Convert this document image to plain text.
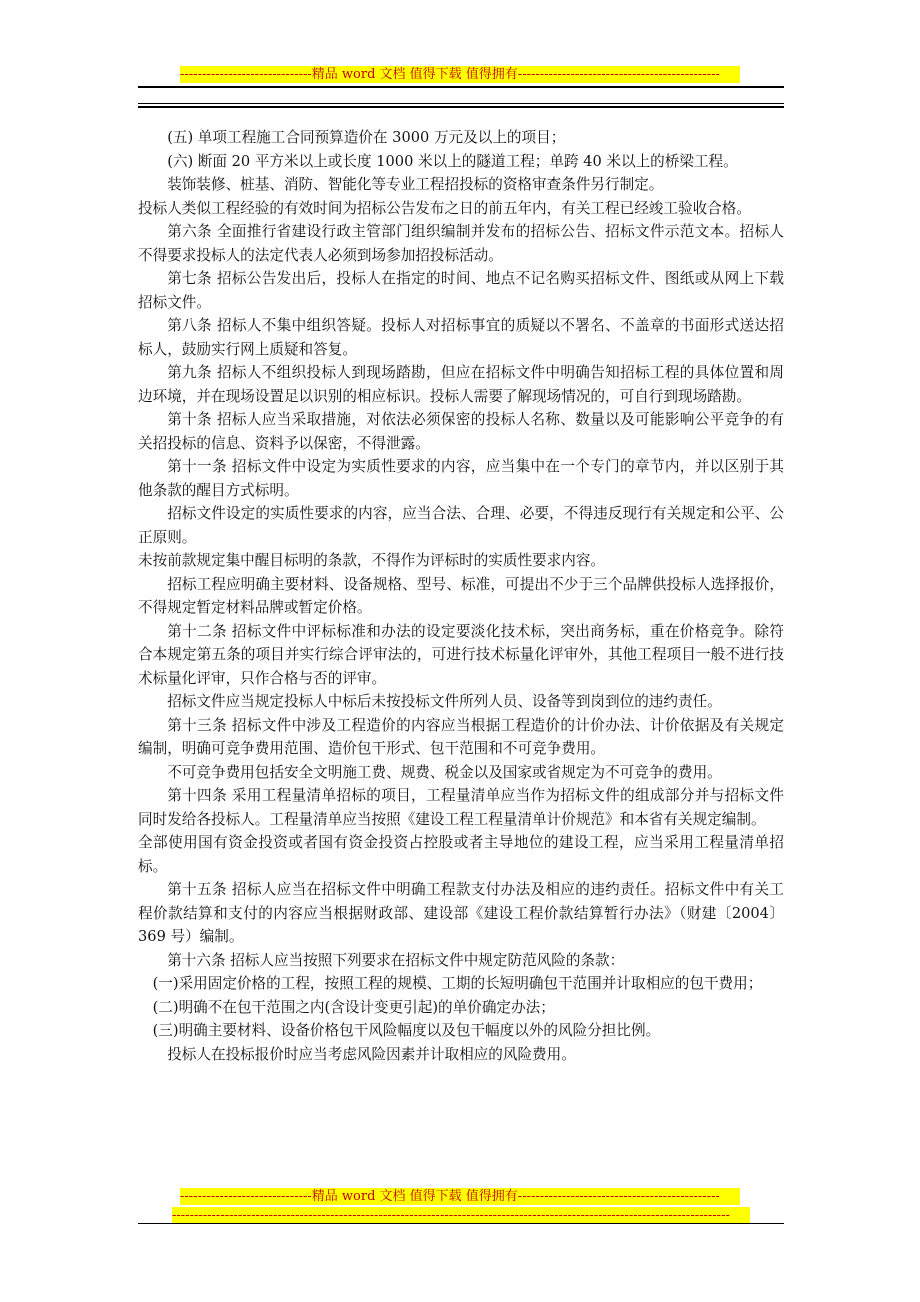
------------------------------精品 word 文档 值得下载 值得拥有----------------------------------------------

(五) 单项工程施工合同预算造价在 3000 万元及以上的项目；

(六) 断面 20 平方米以上或长度 1000 米以上的隧道工程；单跨 40 米以上的桥梁工程。

装饰装修、桩基、消防、智能化等专业工程招投标的资格审查条件另行制定。

投标人类似工程经验的有效时间为招标公告发布之日的前五年内，有关工程已经竣工验收合格。

第六条 全面推行省建设行政主管部门组织编制并发布的招标公告、招标文件示范文本。招标人不得要求投标人的法定代表人必须到场参加招投标活动。

第七条 招标公告发出后，投标人在指定的时间、地点不记名购买招标文件、图纸或从网上下载招标文件。

第八条 招标人不集中组织答疑。投标人对招标事宜的质疑以不署名、不盖章的书面形式送达招标人，鼓励实行网上质疑和答复。

第九条 招标人不组织投标人到现场踏勘，但应在招标文件中明确告知招标工程的具体位置和周边环境，并在现场设置足以识别的相应标识。投标人需要了解现场情况的，可自行到现场踏勘。

第十条 招标人应当采取措施，对依法必须保密的投标人名称、数量以及可能影响公平竞争的有关招投标的信息、资料予以保密，不得泄露。

第十一条 招标文件中设定为实质性要求的内容，应当集中在一个专门的章节内，并以区别于其他条款的醒目方式标明。

招标文件设定的实质性要求的内容，应当合法、合理、必要，不得违反现行有关规定和公平、公正原则。

未按前款规定集中醒目标明的条款，不得作为评标时的实质性要求内容。

招标工程应明确主要材料、设备规格、型号、标准，可提出不少于三个品牌供投标人选择报价，不得规定暂定材料品牌或暂定价格。

第十二条 招标文件中评标标准和办法的设定要淡化技术标，突出商务标，重在价格竞争。除符合本规定第五条的项目并实行综合评审法的，可进行技术标量化评审外，其他工程项目一般不进行技术标量化评审，只作合格与否的评审。

招标文件应当规定投标人中标后未按投标文件所列人员、设备等到岗到位的违约责任。

第十三条 招标文件中涉及工程造价的内容应当根据工程造价的计价办法、计价依据及有关规定编制，明确可竞争费用范围、造价包干形式、包干范围和不可竞争费用。

不可竞争费用包括安全文明施工费、规费、税金以及国家或省规定为不可竞争的费用。

第十四条 采用工程量清单招标的项目，工程量清单应当作为招标文件的组成部分并与招标文件同时发给各投标人。工程量清单应当按照《建设工程工程量清单计价规范》和本省有关规定编制。

全部使用国有资金投资或者国有资金投资占控股或者主导地位的建设工程，应当采用工程量清单招标。

第十五条 招标人应当在招标文件中明确工程款支付办法及相应的违约责任。招标文件中有关工程价款结算和支付的内容应当根据财政部、建设部《建设工程价款结算暂行办法》（财建〔2004〕369 号）编制。

第十六条 招标人应当按照下列要求在招标文件中规定防范风险的条款：

(一)采用固定价格的工程，按照工程的规模、工期的长短明确包干范围并计取相应的包干费用；

(二)明确不在包干范围之内(含设计变更引起)的单价确定办法；

(三)明确主要材料、设备价格包干风险幅度以及包干幅度以外的风险分担比例。

投标人在投标报价时应当考虑风险因素并计取相应的风险费用。

------------------------------精品 word 文档 值得下载 值得拥有----------------------------------------------
-------------------------------------------------------------------------------------------------------------------------------
